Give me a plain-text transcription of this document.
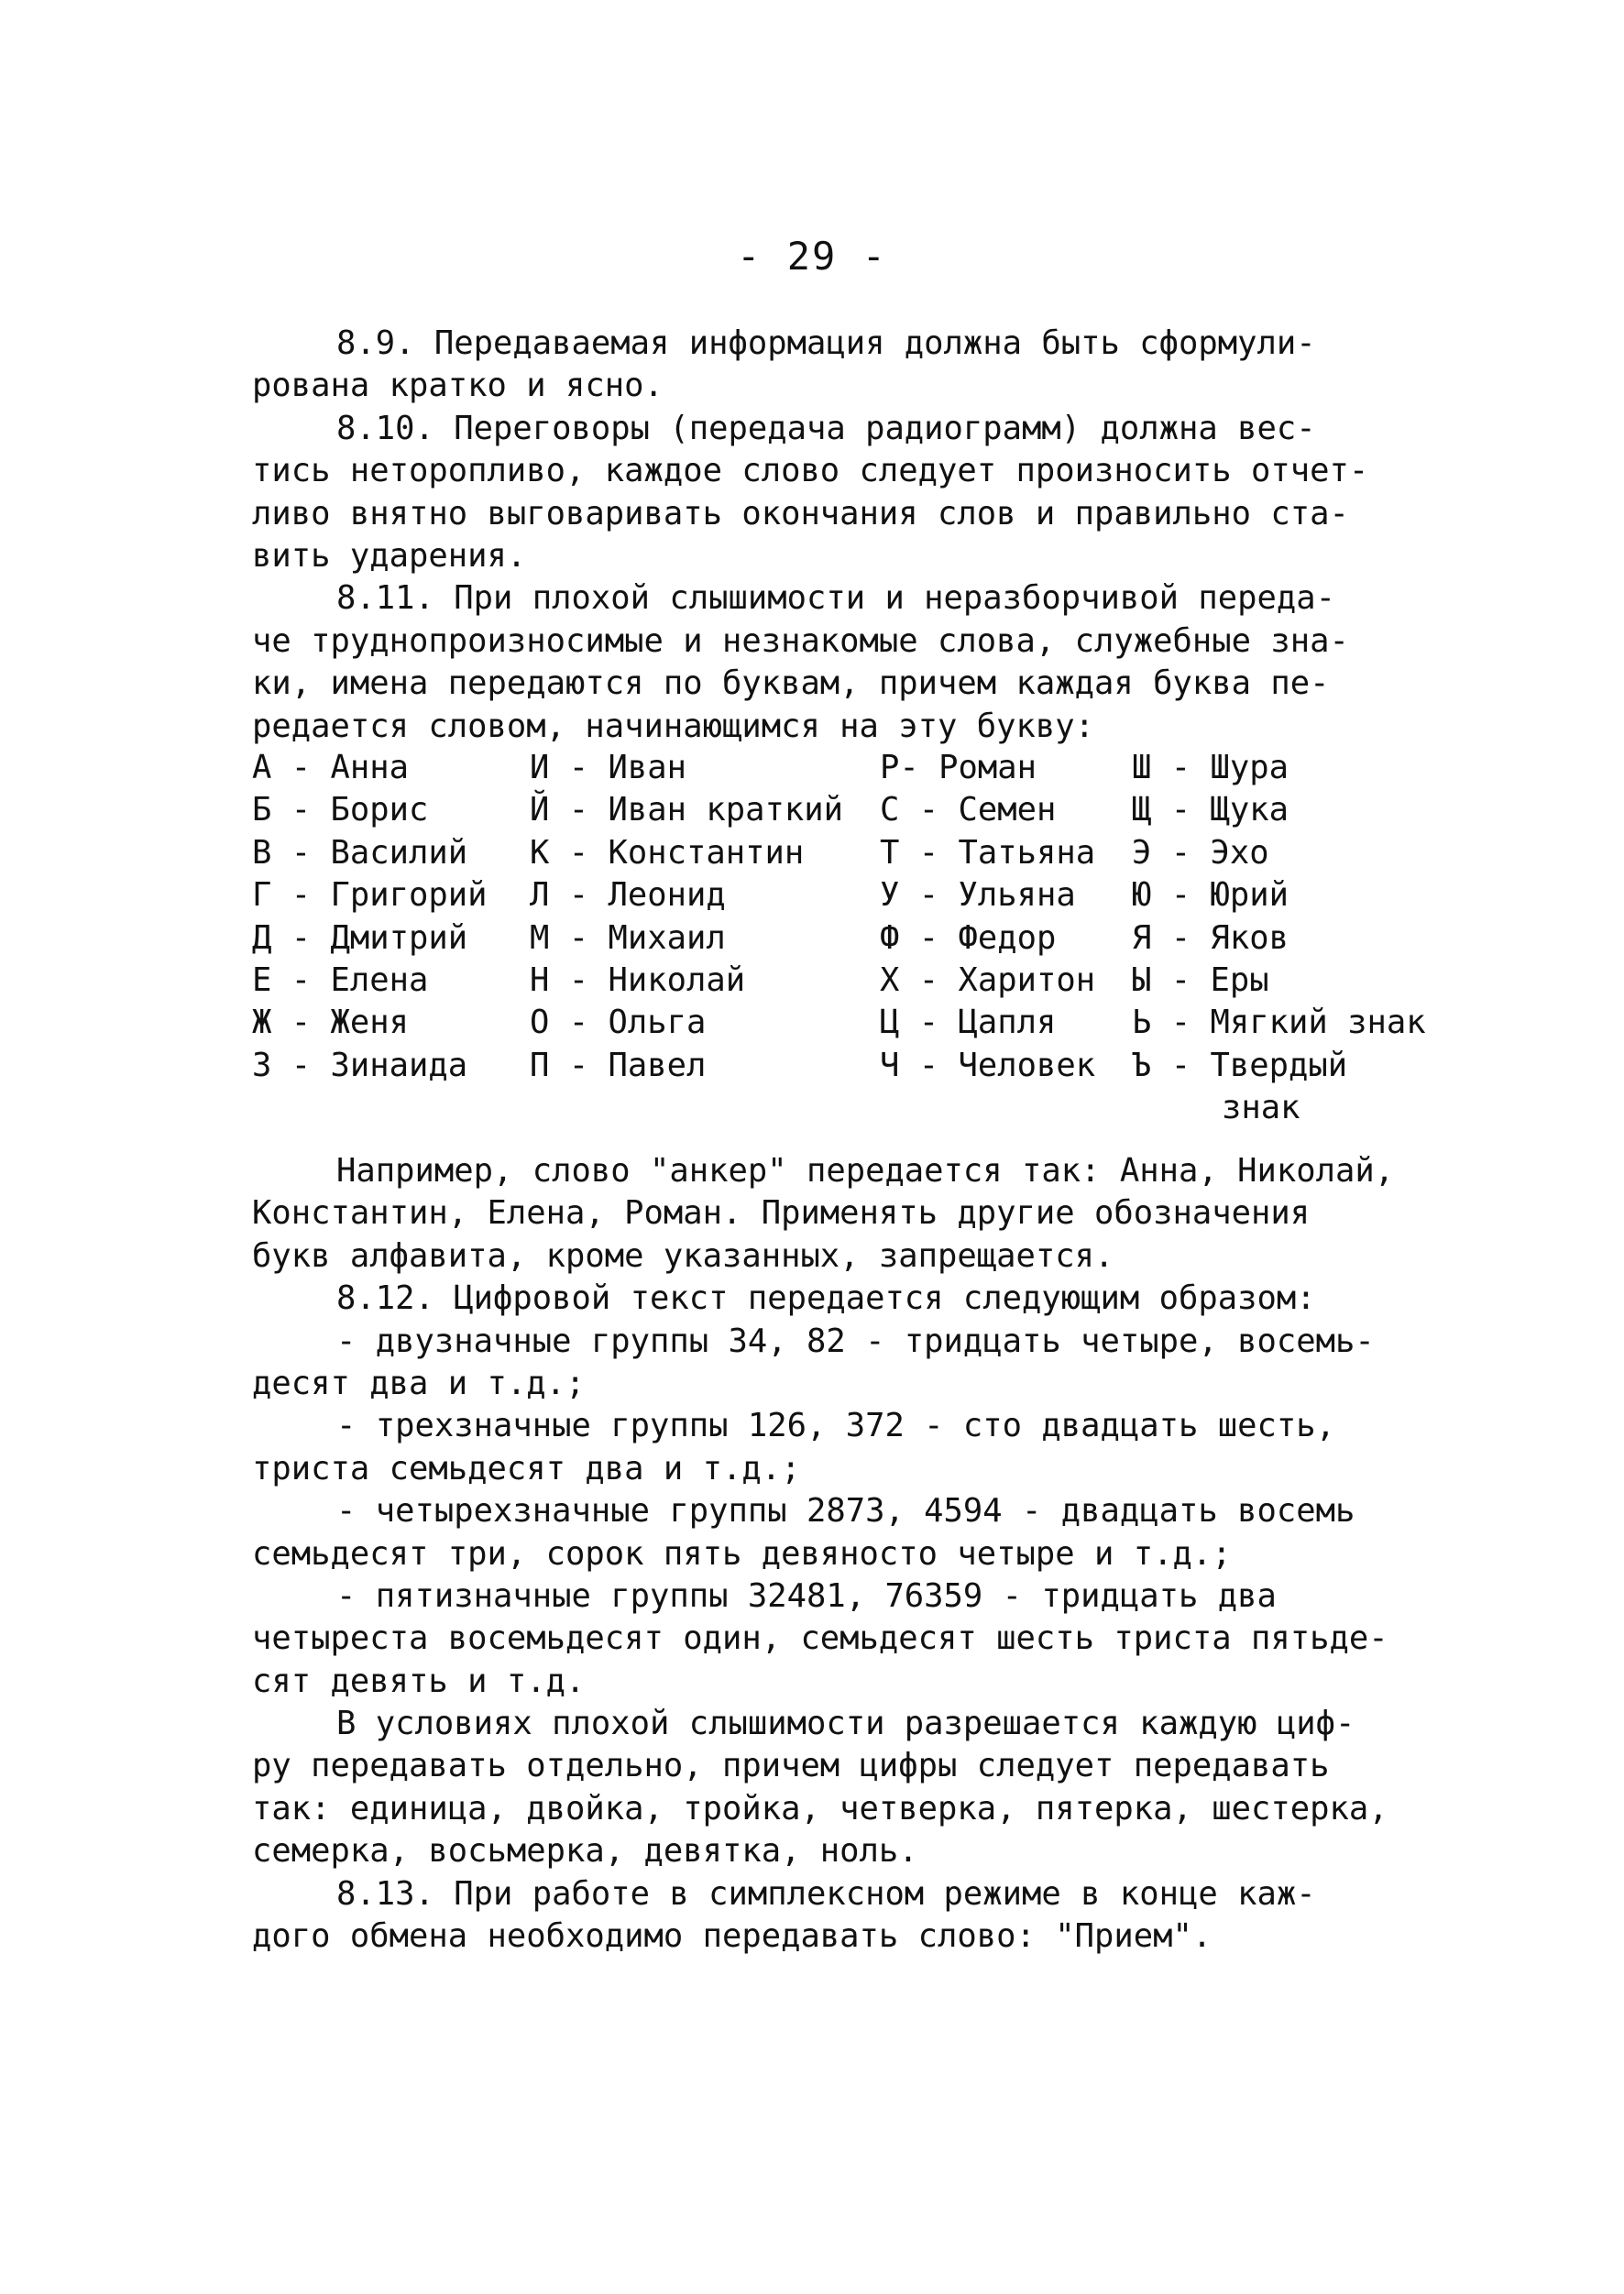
- 29 -
8.9. Передаваемая информация должна быть сформули-
рована кратко и ясно.
8.10. Переговоры (передача радиограмм) должна вес-
тись неторопливо, каждое слово следует произносить отчет-
ливо внятно выговаривать окончания слов и правильно ста-
вить ударения.
8.11. При плохой слышимости и неразборчивой переда-
че труднопроизносимые и незнакомые слова, служебные зна-
ки, имена передаются по буквам, причем каждая буква пе-
редается словом, начинающимся на эту букву:
А - Анна
Б - Борис
В - Василий
Г - Григорий
Д - Дмитрий
Е - Елена
Ж - Женя
З - Зинаида
И - Иван
Й - Иван краткий
К - Константин
Л - Леонид
М - Михаил
Н - Николай
О - Ольга
П - Павел
Р- Роман
С - Семен
Т - Татьяна
У - Ульяна
Ф - Федор
Х - Харитон
Ц - Цапля
Ч - Человек
Ш - Шура
Щ - Щука
Э - Эхо
Ю - Юрий
Я - Яков
Ы - Еры
Ь - Мягкий знак
Ъ - Твердый
знак
Например, слово "анкер" передается так: Анна, Николай,
Константин, Елена, Роман. Применять другие обозначения
букв алфавита, кроме указанных, запрещается.
8.12. Цифровой текст передается следующим образом:
- двузначные группы 34, 82 - тридцать четыре, восемь-
десят два и т.д.;
- трехзначные группы 126, 372 - сто двадцать шесть,
триста семьдесят два и т.д.;
- четырехзначные группы 2873, 4594 - двадцать восемь
семьдесят три, сорок пять девяносто четыре и т.д.;
- пятизначные группы 32481, 76359 - тридцать два
четыреста восемьдесят один, семьдесят шесть триста пятьде-
сят девять и т.д.
В условиях плохой слышимости разрешается каждую циф-
ру передавать отдельно, причем цифры следует передавать
так: единица, двойка, тройка, четверка, пятерка, шестерка,
семерка, восьмерка, девятка, ноль.
8.13. При работе в симплексном режиме в конце каж-
дого обмена необходимо передавать слово: "Прием".
